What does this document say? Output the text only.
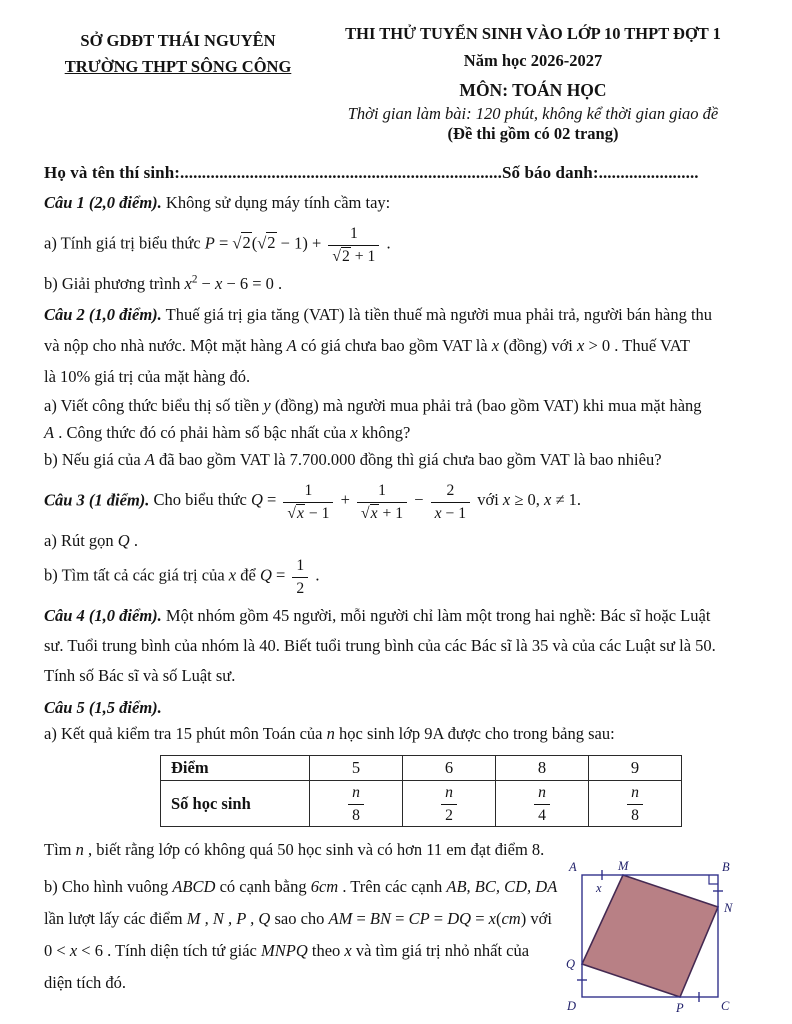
SỞ GDĐT THÁI NGUYÊN
TRƯỜNG THPT SÔNG CÔNG
THI THỬ TUYỂN SINH VÀO LỚP 10 THPT ĐỢT 1
Năm học 2026-2027
MÔN: TOÁN HỌC
Thời gian làm bài: 120 phút, không kể thời gian giao đề
(Đề thi gồm có 02 trang)
Họ và tên thí sinh:..........................................................................Số báo danh:.......................
Câu 1 (2,0 điểm). Không sử dụng máy tính cầm tay:
a) Tính giá trị biểu thức $P = √2(√2 - 1) + \frac{1}{√2 + 1}$ .
b) Giải phương trình $x^2 - x - 6 = 0$ .
Câu 2 (1,0 điểm). Thuế giá trị gia tăng (VAT) là tiền thuế mà người mua phải trả, người bán hàng thu
và nộp cho nhà nước. Một mặt hàng A có giá chưa bao gồm VAT là x (đồng) với x > 0 . Thuế VAT
là 10% giá trị của mặt hàng đó.
a) Viết công thức biểu thị số tiền y (đồng) mà người mua phải trả (bao gồm VAT) khi mua mặt hàng
A . Công thức đó có phải hàm số bậc nhất của x không?
b) Nếu giá của A đã bao gồm VAT là 7.700.000 đồng thì giá chưa bao gồm VAT là bao nhiêu?
Câu 3 (1 điểm). Cho biểu thức $Q = \frac{1}{√x - 1} + \frac{1}{√x + 1} - \frac{2}{x - 1}$ với x ≥ 0, x ≠ 1.
a) Rút gọn Q .
b) Tìm tất cả các giá trị của x để $Q = \frac{1}{2}$ .
Câu 4 (1,0 điểm). Một nhóm gồm 45 người, mỗi người chỉ làm một trong hai nghề: Bác sĩ hoặc Luật
sư. Tuổi trung bình của nhóm là 40. Biết tuổi trung bình của các Bác sĩ là 35 và của các Luật sư là 50.
Tính số Bác sĩ và số Luật sư.
Câu 5 (1,5 điểm).
a) Kết quả kiểm tra 15 phút môn Toán của n học sinh lớp 9A được cho trong bảng sau:
Điểm	5	6	8	9
Số học sinh	$\frac{n}{8}$	$\frac{n}{2}$	$\frac{n}{4}$	$\frac{n}{8}$
Tìm n , biết rằng lớp có không quá 50 học sinh và có hơn 11 em đạt điểm 8.
A	M	B
x
N
Q
D	P	C
b) Cho hình vuông ABCD có cạnh bằng 6cm . Trên các cạnh AB, BC, CD, DA
lần lượt lấy các điểm M , N , P , Q sao cho AM = BN = CP = DQ = x(cm) với
0 < x < 6 . Tính diện tích tứ giác MNPQ theo x và tìm giá trị nhỏ nhất của
diện tích đó.
